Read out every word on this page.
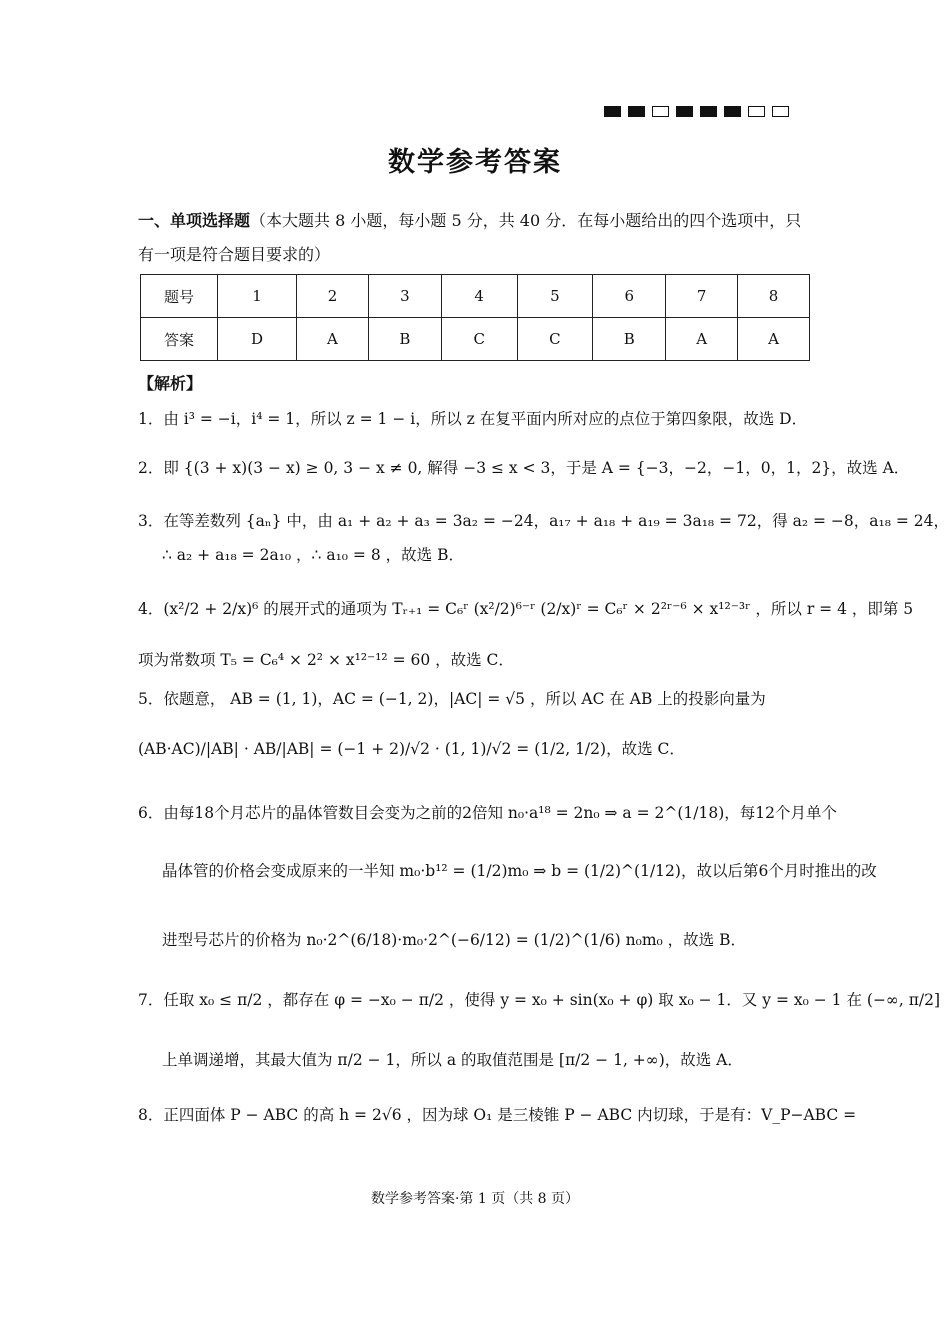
数学参考答案
一、单项选择题（本大题共 8 小题，每小题 5 分，共 40 分．在每小题给出的四个选项中，只
有一项是符合题目要求的）
题号	1	2	3	4	5	6	7	8
答案	D	A	B	C	C	B	A	A
【解析】
1．由 i³ = −i，i⁴ = 1，所以 z = 1 − i，所以 z 在复平面内所对应的点位于第四象限，故选 D．
2．即 {(3 + x)(3 − x) ≥ 0, 3 − x ≠ 0, 解得 −3 ≤ x < 3，于是 A = {−3，−2，−1，0，1，2}，故选 A．
3．在等差数列 {aₙ} 中，由 a₁ + a₂ + a₃ = 3a₂ = −24，a₁₇ + a₁₈ + a₁₉ = 3a₁₈ = 72，得 a₂ = −8，a₁₈ = 24，
∴ a₂ + a₁₈ = 2a₁₀ ，∴ a₁₀ = 8 ，故选 B．
4．(x²/2 + 2/x)⁶ 的展开式的通项为 Tᵣ₊₁ = C₆ʳ (x²/2)⁶⁻ʳ (2/x)ʳ = C₆ʳ × 2²ʳ⁻⁶ × x¹²⁻³ʳ ，所以 r = 4 ，即第 5
项为常数项 T₅ = C₆⁴ × 2² × x¹²⁻¹² = 60 ，故选 C．
5．依题意， AB = (1, 1)，AC = (−1, 2)，|AC| = √5 ，所以 AC 在 AB 上的投影向量为
(AB·AC)/|AB| · AB/|AB| = (−1 + 2)/√2 · (1, 1)/√2 = (1/2, 1/2)，故选 C．
6．由每18个月芯片的晶体管数目会变为之前的2倍知 n₀·a¹⁸ = 2n₀ ⇒ a = 2^(1/18)，每12个月单个
晶体管的价格会变成原来的一半知 m₀·b¹² = (1/2)m₀ ⇒ b = (1/2)^(1/12)，故以后第6个月时推出的改
进型号芯片的价格为 n₀·2^(6/18)·m₀·2^(−6/12) = (1/2)^(1/6) n₀m₀ ，故选 B．
7．任取 x₀ ≤ π/2 ，都存在 φ = −x₀ − π/2 ，使得 y = x₀ + sin(x₀ + φ) 取 x₀ − 1．又 y = x₀ − 1 在 (−∞, π/2]
上单调递增，其最大值为 π/2 − 1，所以 a 的取值范围是 [π/2 − 1, +∞)，故选 A．
8．正四面体 P − ABC 的高 h = 2√6 ，因为球 O₁ 是三棱锥 P − ABC 内切球，于是有：V_P−ABC =
数学参考答案·第 1 页（共 8 页）
